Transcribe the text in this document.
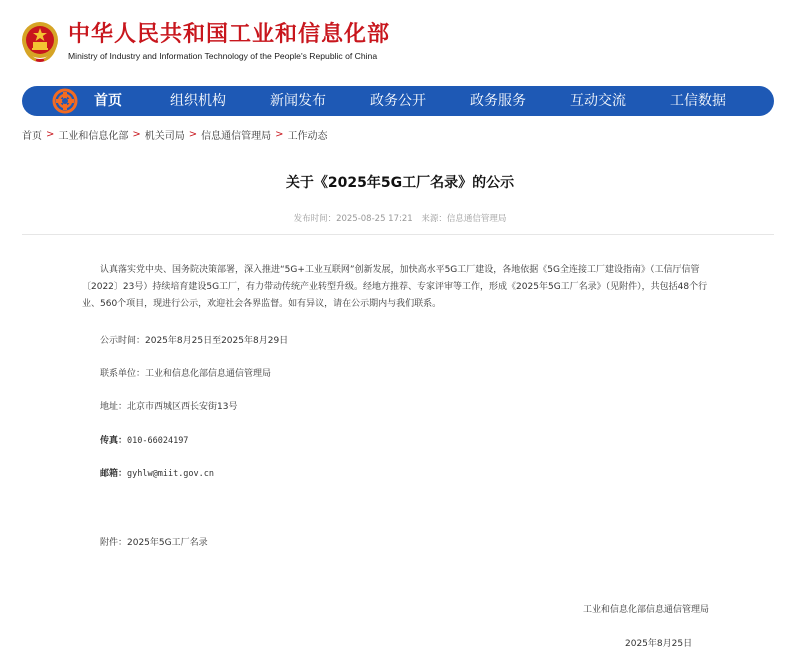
中华人民共和国工业和信息化部
Ministry of Industry and Information Technology of the People's Republic of China
首页	组织机构	新闻发布	政务公开	政务服务	互动交流	工信数据
首页 > 工业和信息化部 > 机关司局 > 信息通信管理局 > 工作动态
关于《2025年5G工厂名录》的公示
发布时间：2025-08-25 17:21 来源：信息通信管理局
认真落实党中央、国务院决策部署，深入推进“5G+工业互联网”创新发展，加快高水平5G工厂建设，各地依据《5G全连接工厂建设指南》（工信厅信管〔2022〕23号）持续培育建设5G工厂，有力带动传统产业转型升级。经地方推荐、专家评审等工作，形成《2025年5G工厂名录》（见附件），共包括48个行业、560个项目，现进行公示，欢迎社会各界监督。如有异议，请在公示期内与我们联系。
公示时间：2025年8月25日至2025年8月29日
联系单位：工业和信息化部信息通信管理局
地址：北京市西城区西长安街13号
传真：010-66024197
邮箱：gyhlw@miit.gov.cn
附件：2025年5G工厂名录
工业和信息化部信息通信管理局
2025年8月25日
